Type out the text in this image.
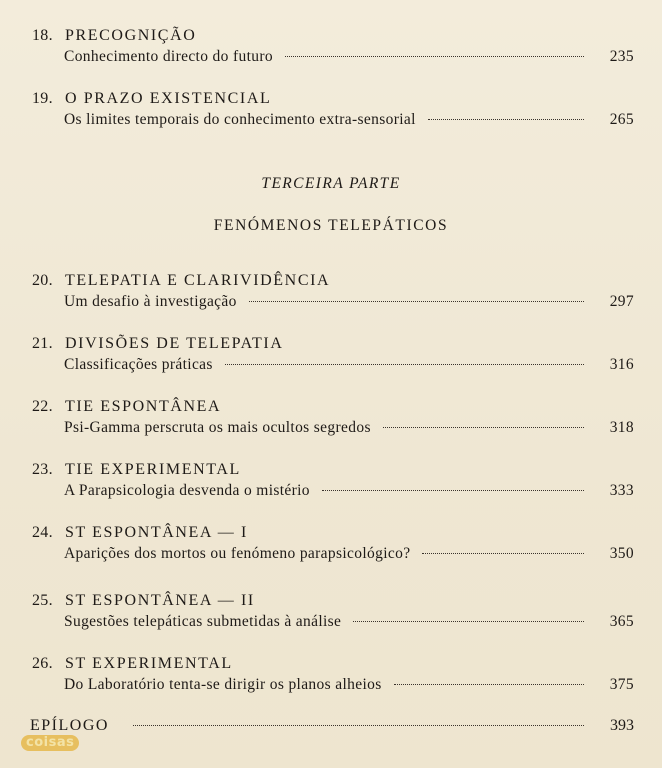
18. PRECOGNIÇÃO
Conhecimento directo do futuro	235
19. O PRAZO EXISTENCIAL
Os limites temporais do conhecimento extra-sensorial	265
TERCEIRA PARTE
FENÓMENOS TELEPÁTICOS
20. TELEPATIA E CLARIVIDÊNCIA
Um desafio à investigação	297
21. DIVISÕES DE TELEPATIA
Classificações práticas	316
22. TIE ESPONTÂNEA
Psi-Gamma perscruta os mais ocultos segredos	318
23. TIE EXPERIMENTAL
A Parapsicologia desvenda o mistério	333
24. ST ESPONTÂNEA — I
Aparições dos mortos ou fenómeno parapsicológico?	350
25. ST ESPONTÂNEA — II
Sugestões telepáticas submetidas à análise	365
26. ST EXPERIMENTAL
Do Laboratório tenta-se dirigir os planos alheios	375
EPÍLOGO	393
coisas
